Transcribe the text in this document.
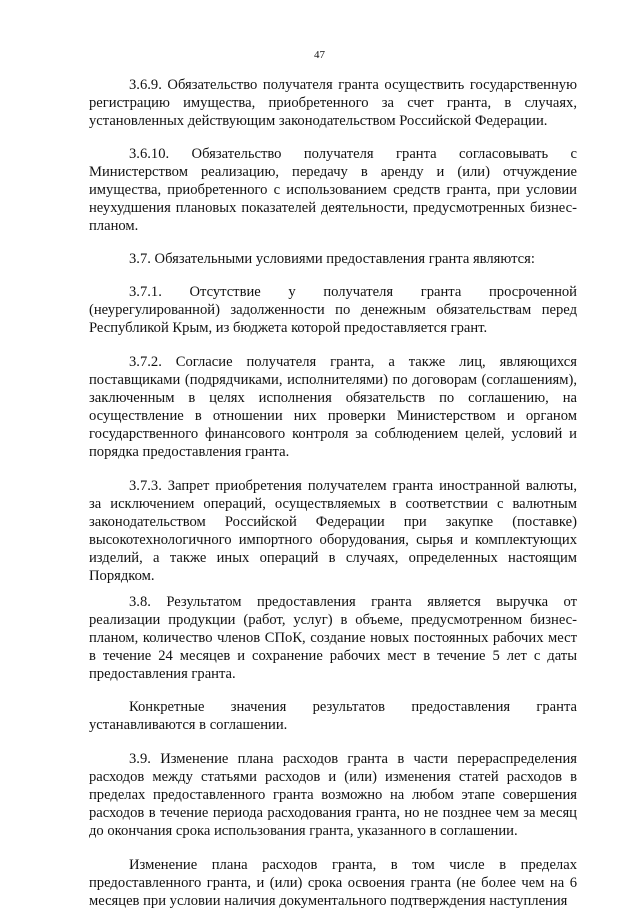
47

3.6.9. Обязательство получателя гранта осуществить государственную регистрацию имущества, приобретенного за счет гранта, в случаях, установленных действующим законодательством Российской Федерации.

3.6.10. Обязательство получателя гранта согласовывать с Министерством реализацию, передачу в аренду и (или) отчуждение имущества, приобретенного с использованием средств гранта, при условии неухудшения плановых показателей деятельности, предусмотренных бизнес-планом.

3.7. Обязательными условиями предоставления гранта являются:

3.7.1. Отсутствие у получателя гранта просроченной (неурегулированной) задолженности по денежным обязательствам перед Республикой Крым, из бюджета которой предоставляется грант.

3.7.2. Согласие получателя гранта, а также лиц, являющихся поставщиками (подрядчиками, исполнителями) по договорам (соглашениям), заключенным в целях исполнения обязательств по соглашению, на осуществление в отношении них проверки Министерством и органом государственного финансового контроля за соблюдением целей, условий и порядка предоставления гранта.

3.7.3. Запрет приобретения получателем гранта иностранной валюты, за исключением операций, осуществляемых в соответствии с валютным законодательством Российской Федерации при закупке (поставке) высокотехнологичного импортного оборудования, сырья и комплектующих изделий, а также иных операций в случаях, определенных настоящим Порядком.

3.8. Результатом предоставления гранта является выручка от реализации продукции (работ, услуг) в объеме, предусмотренном бизнес-планом, количество членов СПоК, создание новых постоянных рабочих мест в течение 24 месяцев и сохранение рабочих мест в течение 5 лет с даты предоставления гранта.

Конкретные значения результатов предоставления гранта устанавливаются в соглашении.

3.9. Изменение плана расходов гранта в части перераспределения расходов между статьями расходов и (или) изменения статей расходов в пределах предоставленного гранта возможно на любом этапе совершения расходов в течение периода расходования гранта, но не позднее чем за месяц до окончания срока использования гранта, указанного в соглашении.

Изменение плана расходов гранта, в том числе в пределах предоставленного гранта, и (или) срока освоения гранта (не более чем на 6 месяцев при условии наличия документального подтверждения наступления
